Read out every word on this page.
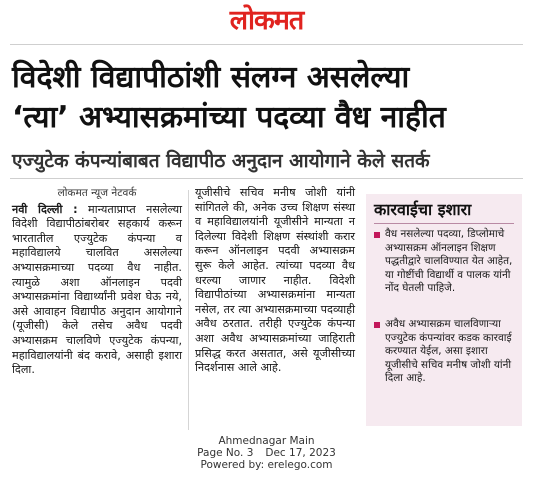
लोकमत
विदेशी विद्यापीठांशी संलग्न असलेल्या
‘त्या’ अभ्यासक्रमांच्या पदव्या वैध नाहीत
एज्युटेक कंपन्यांबाबत विद्यापीठ अनुदान आयोगाने केले सतर्क
लोकमत न्यूज नेटवर्क
नवी दिल्ली : मान्यताप्राप्त नसलेल्या विदेशी विद्यापीठांबरोबर सहकार्य करून भारतातील एज्युटेक कंपन्या व महाविद्यालये चालवित असलेल्या अभ्यासक्रमाच्या पदव्या वैध नाहीत. त्यामुळे अशा ऑनलाइन पदवी अभ्यासक्रमांना विद्यार्थ्यांनी प्रवेश घेऊ नये, असे आवाहन विद्यापीठ अनुदान आयोगाने (यूजीसी) केले तसेच अवैध पदवी अभ्यासक्रम चालविणे एज्युटेक कंपन्या, महाविद्यालयांनी बंद करावे, असाही इशारा दिला.
यूजीसीचे सचिव मनीष जोशी यांनी सांगितले की, अनेक उच्च शिक्षण संस्था व महाविद्यालयांनी यूजीसीने मान्यता न दिलेल्या विदेशी शिक्षण संस्थांशी करार करून ऑनलाइन पदवी अभ्यासक्रम सुरू केले आहेत. त्यांच्या पदव्या वैध धरल्या जाणार नाहीत. विदेशी विद्यापीठांच्या अभ्यासक्रमांना मान्यता नसेल, तर त्या अभ्यासक्रमाच्या पदव्याही अवैध ठरतात. तरीही एज्युटेक कंपन्या अशा अवैध अभ्यासक्रमांच्या जाहिराती प्रसिद्ध करत असतात, असे यूजीसीच्या निदर्शनास आले आहे.
कारवाईचा इशारा
वैध नसलेल्या पदव्या, डिप्लोमाचे अभ्यासक्रम ऑनलाइन शिक्षण पद्धतीद्वारे चालविण्यात येत आहेत, या गोष्टींची विद्यार्थी व पालक यांनी नोंद घेतली पाहिजे.
अवैध अभ्यासक्रम चालविणाऱ्या एज्युटेक कंपन्यांवर कडक कारवाई करण्यात येईल, असा इशारा यूजीसीचे सचिव मनीष जोशी यांनी दिला आहे.
Ahmednagar Main
Page No. 3 Dec 17, 2023
Powered by: erelego.com
